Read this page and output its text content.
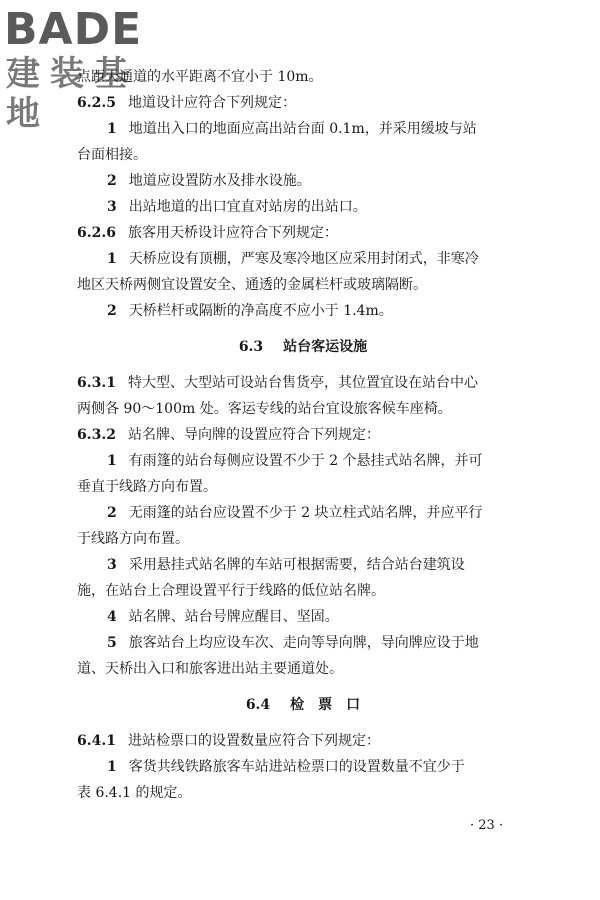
BADE
建装基地
点距天通道的水平距离不宜小于 10m。
6.2.5 地道设计应符合下列规定：
1 地道出入口的地面应高出站台面 0.1m，并采用缓坡与站
台面相接。
2 地道应设置防水及排水设施。
3 出站地道的出口宜直对站房的出站口。
6.2.6 旅客用天桥设计应符合下列规定：
1 天桥应设有顶棚，严寒及寒冷地区应采用封闭式，非寒冷
地区天桥两侧宜设置安全、通透的金属栏杆或玻璃隔断。
2 天桥栏杆或隔断的净高度不应小于 1.4m。
6.3 站台客运设施
6.3.1 特大型、大型站可设站台售货亭，其位置宜设在站台中心
两侧各 90～100m 处。客运专线的站台宜设旅客候车座椅。
6.3.2 站名牌、导向牌的设置应符合下列规定：
1 有雨篷的站台每侧应设置不少于 2 个悬挂式站名牌，并可
垂直于线路方向布置。
2 无雨篷的站台应设置不少于 2 块立柱式站名牌，并应平行
于线路方向布置。
3 采用悬挂式站名牌的车站可根据需要，结合站台建筑设
施，在站台上合理设置平行于线路的低位站名牌。
4 站名牌、站台号牌应醒目、坚固。
5 旅客站台上均应设车次、走向等导向牌，导向牌应设于地
道、天桥出入口和旅客进出站主要通道处。
6.4 检　票　口
6.4.1 进站检票口的设置数量应符合下列规定：
1 客货共线铁路旅客车站进站检票口的设置数量不宜少于
表 6.4.1 的规定。
· 23 ·
